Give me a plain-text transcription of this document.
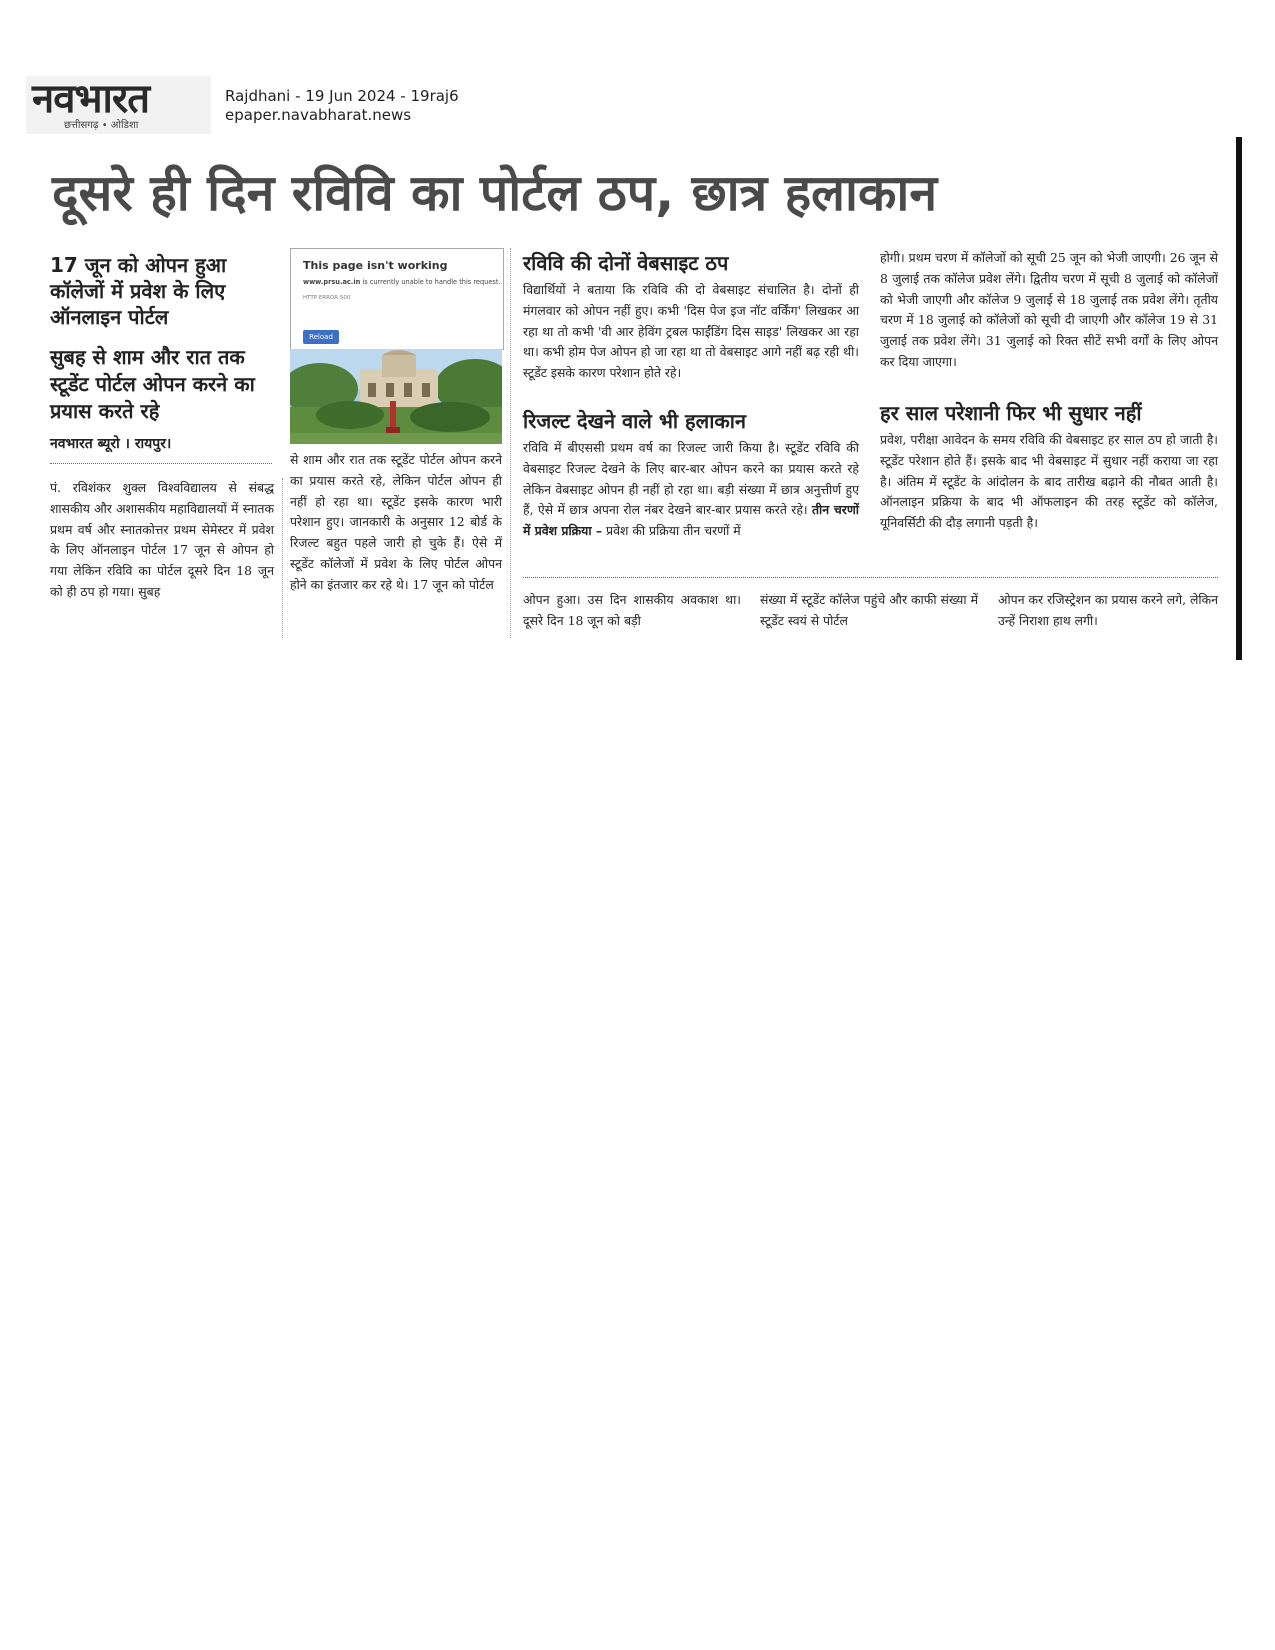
नवभारत
छत्तीसगढ़ • ओडिशा
Rajdhani - 19 Jun 2024 - 19raj6
epaper.navabharat.news
दूसरे ही दिन रविवि का पोर्टल ठप, छात्र हलाकान
17 जून को ओपन हुआ कॉलेजों में प्रवेश के लिए ऑनलाइन पोर्टल
सुबह से शाम और रात तक स्टूडेंट पोर्टल ओपन करने का प्रयास करते रहे
नवभारत ब्यूरो । रायपुर।
पं. रविशंकर शुक्ल विश्वविद्यालय से संबद्ध शासकीय और अशासकीय महाविद्यालयों में स्नातक प्रथम वर्ष और स्नातकोत्तर प्रथम सेमेस्टर में प्रवेश के लिए ऑनलाइन पोर्टल 17 जून से ओपन हो गया लेकिन रविवि का पोर्टल दूसरे दिन 18 जून को ही ठप हो गया। सुबह
This page isn't working
www.prsu.ac.in is currently unable to handle this request.
HTTP ERROR 500
Reload
से शाम और रात तक स्टूडेंट पोर्टल ओपन करने का प्रयास करते रहे, लेकिन पोर्टल ओपन ही नहीं हो रहा था। स्टूडेंट इसके कारण भारी परेशान हुए। जानकारी के अनुसार 12 बोर्ड के रिजल्ट बहुत पहले जारी हो चुके हैं। ऐसे में स्टूडेंट कॉलेजों में प्रवेश के लिए पोर्टल ओपन होने का इंतजार कर रहे थे। 17 जून को पोर्टल
रविवि की दोनों वेबसाइट ठप
विद्यार्थियों ने बताया कि रविवि की दो वेबसाइट संचालित है। दोनों ही मंगलवार को ओपन नहीं हुए। कभी 'दिस पेज इज नॉट वर्किंग' लिखकर आ रहा था तो कभी 'वी आर हेविंग ट्रबल फाईंडिंग दिस साइड' लिखकर आ रहा था। कभी होम पेज ओपन हो जा रहा था तो वेबसाइट आगे नहीं बढ़ रही थी। स्टूडेंट इसके कारण परेशान होते रहे।
रिजल्ट देखने वाले भी हलाकान
रविवि में बीएससी प्रथम वर्ष का रिजल्ट जारी किया है। स्टूडेंट रविवि की वेबसाइट रिजल्ट देखने के लिए बार-बार ओपन करने का प्रयास करते रहे लेकिन वेबसाइट ओपन ही नहीं हो रहा था। बड़ी संख्या में छात्र अनुत्तीर्ण हुए हैं, ऐसे में छात्र अपना रोल नंबर देखने बार-बार प्रयास करते रहे। तीन चरणों में प्रवेश प्रक्रिया – प्रवेश की प्रक्रिया तीन चरणों में
होगी। प्रथम चरण में कॉलेजों को सूची 25 जून को भेजी जाएगी। 26 जून से 8 जुलाई तक कॉलेज प्रवेश लेंगे। द्वितीय चरण में सूची 8 जुलाई को कॉलेजों को भेजी जाएगी और कॉलेज 9 जुलाई से 18 जुलाई तक प्रवेश लेंगे। तृतीय चरण में 18 जुलाई को कॉलेजों को सूची दी जाएगी और कॉलेज 19 से 31 जुलाई तक प्रवेश लेंगे। 31 जुलाई को रिक्त सीटें सभी वर्गों के लिए ओपन कर दिया जाएगा।
हर साल परेशानी फिर भी सुधार नहीं
प्रवेश, परीक्षा आवेदन के समय रविवि की वेबसाइट हर साल ठप हो जाती है। स्टूडेंट परेशान होते हैं। इसके बाद भी वेबसाइट में सुधार नहीं कराया जा रहा है। अंतिम में स्टूडेंट के आंदोलन के बाद तारीख बढ़ाने की नौबत आती है। ऑनलाइन प्रक्रिया के बाद भी ऑफलाइन की तरह स्टूडेंट को कॉलेज, यूनिवर्सिटी की दौड़ लगानी पड़ती है।
ओपन हुआ। उस दिन शासकीय अवकाश था। दूसरे दिन 18 जून को बड़ी
संख्या में स्टूडेंट कॉलेज पहुंचे और काफी संख्या में स्टूडेंट स्वयं से पोर्टल
ओपन कर रजिस्ट्रेशन का प्रयास करने लगे, लेकिन उन्हें निराशा हाथ लगी।
